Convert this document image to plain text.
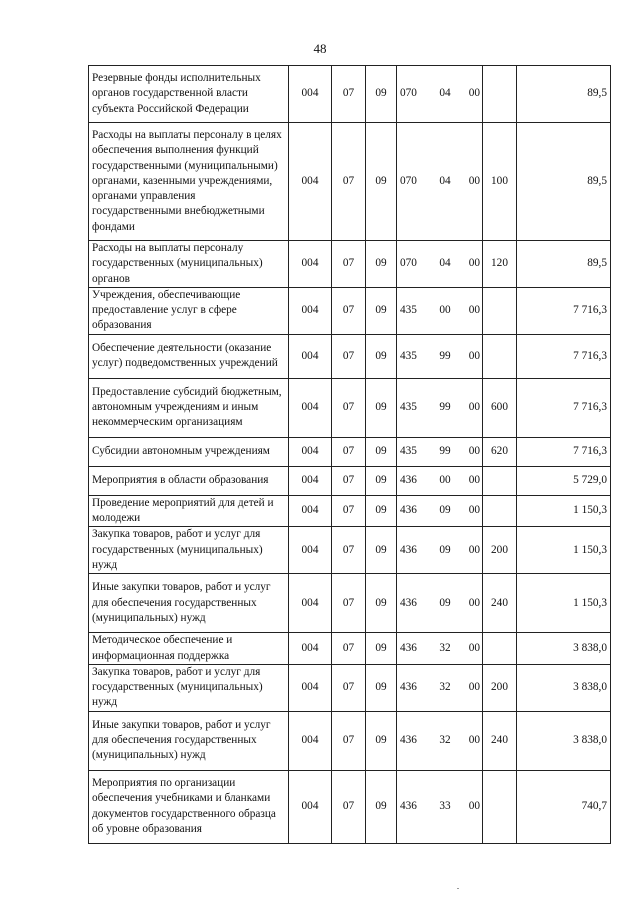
48
Резервные фонды исполнительных органов государственной власти субъекта Российской Федерации	004	07	09	070 04 00		89,5
Расходы на выплаты персоналу в целях обеспечения выполнения функций государственными (муниципальными) органами, казенными учреждениями, органами управления государственными внебюджетными фондами	004	07	09	070 04 00	100	89,5
Расходы на выплаты персоналу государственных (муниципальных) органов	004	07	09	070 04 00	120	89,5
Учреждения, обеспечивающие предоставление услуг в сфере образования	004	07	09	435 00 00		7 716,3
Обеспечение деятельности (оказание услуг) подведомственных учреждений	004	07	09	435 99 00		7 716,3
Предоставление субсидий бюджетным, автономным учреждениям и иным некоммерческим организациям	004	07	09	435 99 00	600	7 716,3
Субсидии автономным учреждениям	004	07	09	435 99 00	620	7 716,3
Мероприятия в области образования	004	07	09	436 00 00		5 729,0
Проведение мероприятий для детей и молодежи	004	07	09	436 09 00		1 150,3
Закупка товаров, работ и услуг для государственных (муниципальных) нужд	004	07	09	436 09 00	200	1 150,3
Иные закупки товаров, работ и услуг для обеспечения государственных (муниципальных) нужд	004	07	09	436 09 00	240	1 150,3
Методическое обеспечение и информационная поддержка	004	07	09	436 32 00		3 838,0
Закупка товаров, работ и услуг для государственных (муниципальных) нужд	004	07	09	436 32 00	200	3 838,0
Иные закупки товаров, работ и услуг для обеспечения государственных (муниципальных) нужд	004	07	09	436 32 00	240	3 838,0
Мероприятия по организации обеспечения учебниками и бланками документов государственного образца об уровне образования	004	07	09	436 33 00		740,7
